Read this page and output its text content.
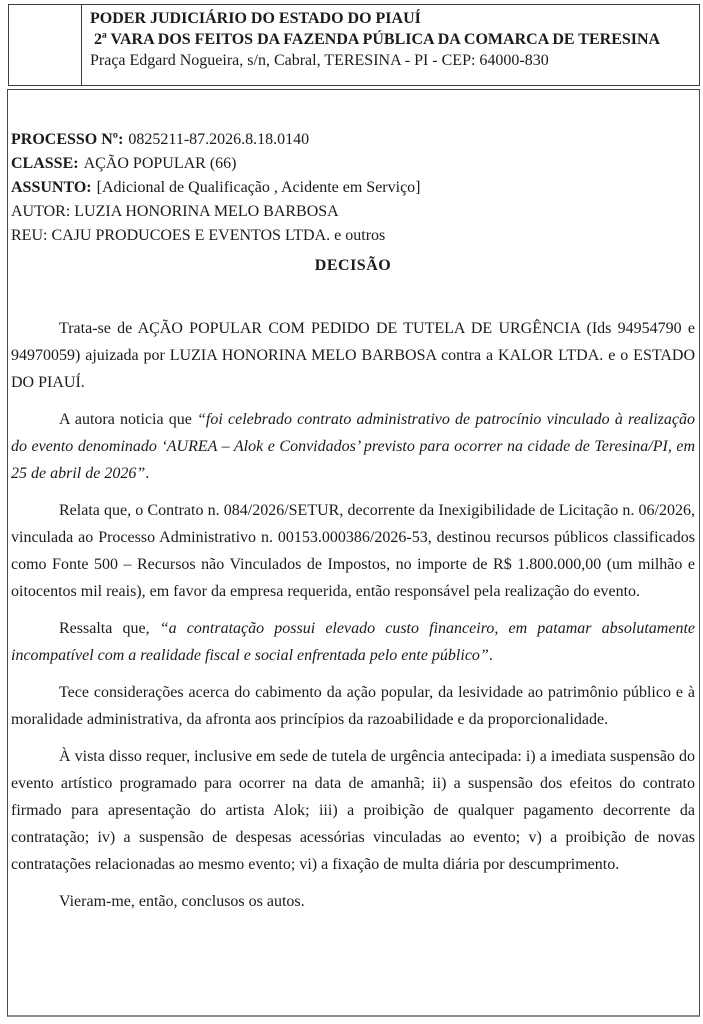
PODER JUDICIÁRIO DO ESTADO DO PIAUÍ
2ª VARA DOS FEITOS DA FAZENDA PÚBLICA DA COMARCA DE TERESINA
Praça Edgard Nogueira, s/n, Cabral, TERESINA - PI - CEP: 64000-830
PROCESSO Nº: 0825211-87.2026.8.18.0140
CLASSE: AÇÃO POPULAR (66)
ASSUNTO: [Adicional de Qualificação , Acidente em Serviço]
AUTOR: LUZIA HONORINA MELO BARBOSA
REU: CAJU PRODUCOES E EVENTOS LTDA. e outros
DECISÃO

Trata-se de AÇÃO POPULAR COM PEDIDO DE TUTELA DE URGÊNCIA (Ids 94954790 e 94970059) ajuizada por LUZIA HONORINA MELO BARBOSA contra a KALOR LTDA. e o ESTADO DO PIAUÍ.

A autora noticia que “foi celebrado contrato administrativo de patrocínio vinculado à realização do evento denominado ‘AUREA – Alok e Convidados’ previsto para ocorrer na cidade de Teresina/PI, em 25 de abril de 2026”.

Relata que, o Contrato n. 084/2026/SETUR, decorrente da Inexigibilidade de Licitação n. 06/2026, vinculada ao Processo Administrativo n. 00153.000386/2026-53, destinou recursos públicos classificados como Fonte 500 – Recursos não Vinculados de Impostos, no importe de R$ 1.800.000,00 (um milhão e oitocentos mil reais), em favor da empresa requerida, então responsável pela realização do evento.

Ressalta que, “a contratação possui elevado custo financeiro, em patamar absolutamente incompatível com a realidade fiscal e social enfrentada pelo ente público”.

Tece considerações acerca do cabimento da ação popular, da lesividade ao patrimônio público e à moralidade administrativa, da afronta aos princípios da razoabilidade e da proporcionalidade.

À vista disso requer, inclusive em sede de tutela de urgência antecipada: i) a imediata suspensão do evento artístico programado para ocorrer na data de amanhã; ii) a suspensão dos efeitos do contrato firmado para apresentação do artista Alok; iii) a proibição de qualquer pagamento decorrente da contratação; iv) a suspensão de despesas acessórias vinculadas ao evento; v) a proibição de novas contratações relacionadas ao mesmo evento; vi) a fixação de multa diária por descumprimento.

Vieram-me, então, conclusos os autos.
